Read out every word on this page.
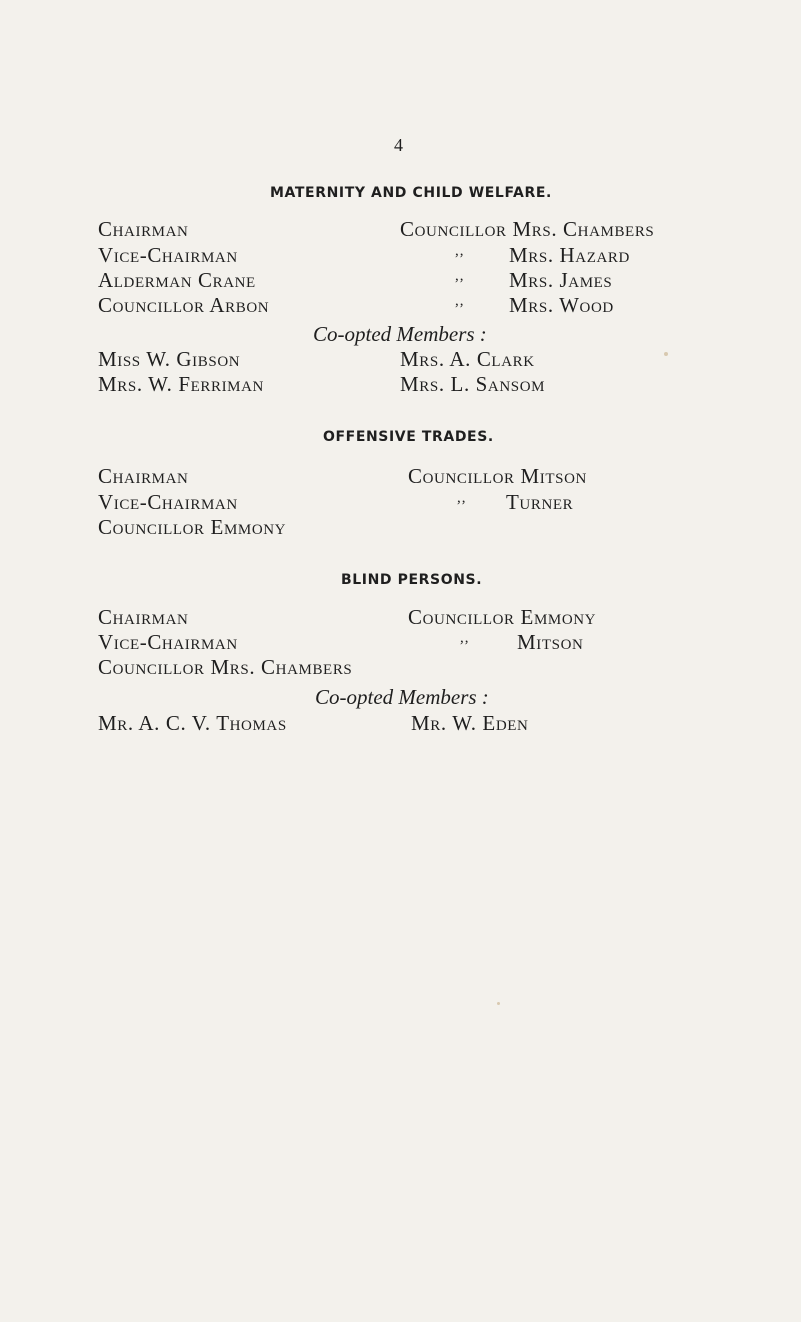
4
MATERNITY AND CHILD WELFARE.
Chairman
Vice-Chairman
Alderman Crane
Councillor Arbon
Councillor Mrs. Chambers
,, Mrs. Hazard
,, Mrs. James
,, Mrs. Wood
Co-opted Members :
Miss W. Gibson
Mrs. W. Ferriman
Mrs. A. Clark
Mrs. L. Sansom
OFFENSIVE TRADES.
Chairman
Vice-Chairman
Councillor Emmony
Councillor Mitson
,, Turner
BLIND PERSONS.
Chairman
Vice-Chairman
Councillor Mrs. Chambers
Councillor Emmony
,, Mitson
Co-opted Members :
Mr. A. C. V. Thomas	Mr. W. Eden
